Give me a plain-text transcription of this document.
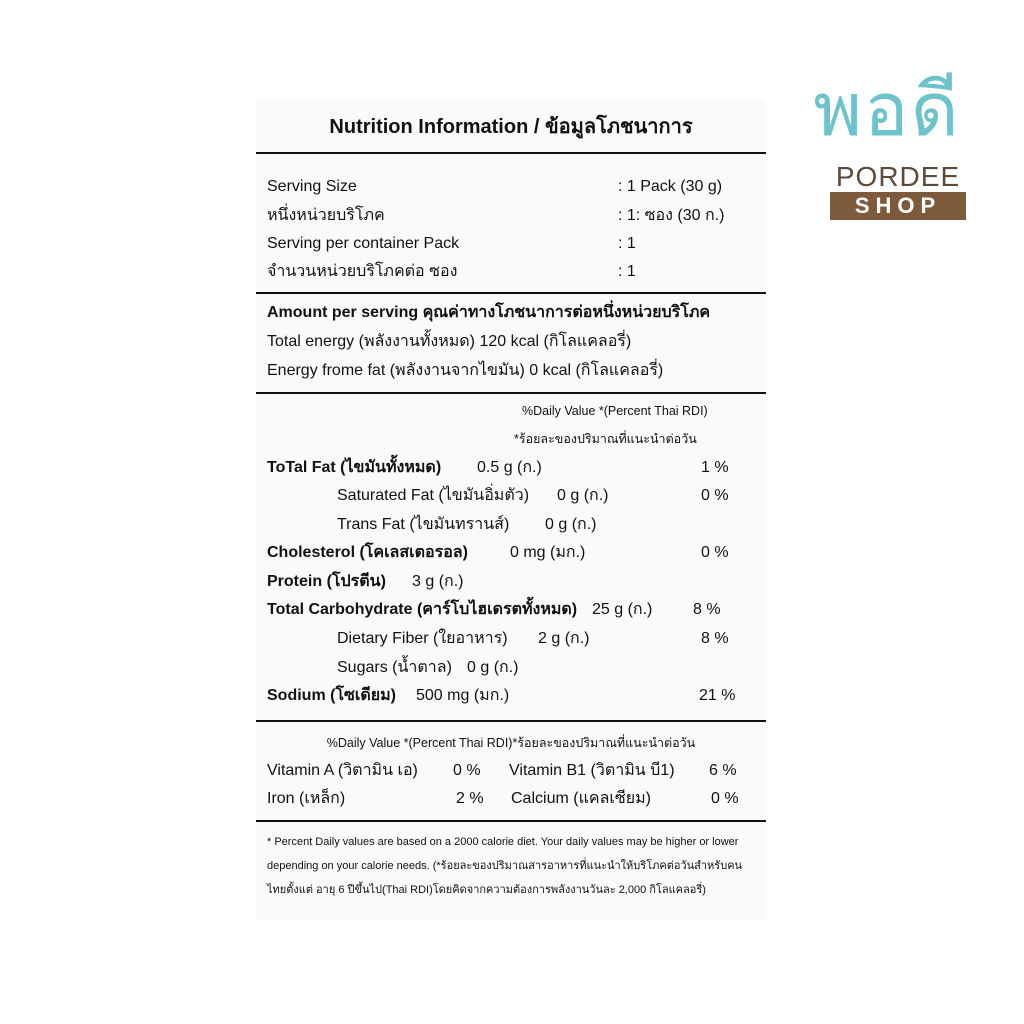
พอดี
PORDEE
SHOP
Nutrition Information / ข้อมูลโภชนาการ
Serving Size	: 1 Pack (30 g)
หนึ่งหน่วยบริโภค	: 1: ซอง (30 ก.)
Serving per container Pack	: 1
จำนวนหน่วยบริโภคต่อ ซอง	: 1
Amount per serving คุณค่าทางโภชนาการต่อหนึ่งหน่วยบริโภค
Total energy (พลังงานทั้งหมด) 120 kcal (กิโลแคลอรี่)
Energy frome fat (พลังงานจากไขมัน) 0 kcal (กิโลแคลอรี่)
%Daily Value *(Percent Thai RDI)
*ร้อยละของปริมาณที่แนะนำต่อวัน
ToTal Fat (ไขมันทั้งหมด) 0.5 g (ก.)	1 %
Saturated Fat (ไขมันอิ่มตัว) 0 g (ก.)	0 %
Trans Fat (ไขมันทรานส์) 0 g (ก.)
Cholesterol (โคเลสเตอรอล)	0 mg (มก.)	0 %
Protein (โปรตีน) 3 g (ก.)
Total Carbohydrate (คาร์โบไฮเดรตทั้งหมด) 25 g (ก.)	8 %
Dietary Fiber (ใยอาหาร) 2 g (ก.)	8 %
Sugars (น้ำตาล) 0 g (ก.)
Sodium (โซเดียม) 500 mg (มก.)	21 %
%Daily Value *(Percent Thai RDI)*ร้อยละของปริมาณที่แนะนำต่อวัน
Vitamin A (วิตามิน เอ) 0 % Vitamin B1 (วิตามิน บี1) 6 %
Iron (เหล็ก)	2 % Calcium (แคลเซียม)	0 %
* Percent Daily values are based on a 2000 calorie diet. Your daily values may be higher or lower depending on your calorie needs. (*ร้อยละของปริมาณสารอาหารที่แนะนำให้บริโภคต่อวันสำหรับคนไทยตั้งแต่ อายุ 6 ปีขึ้นไป(Thai RDI)โดยคิดจากความต้องการพลังงานวันละ 2,000 กิโลแคลอรี่)
